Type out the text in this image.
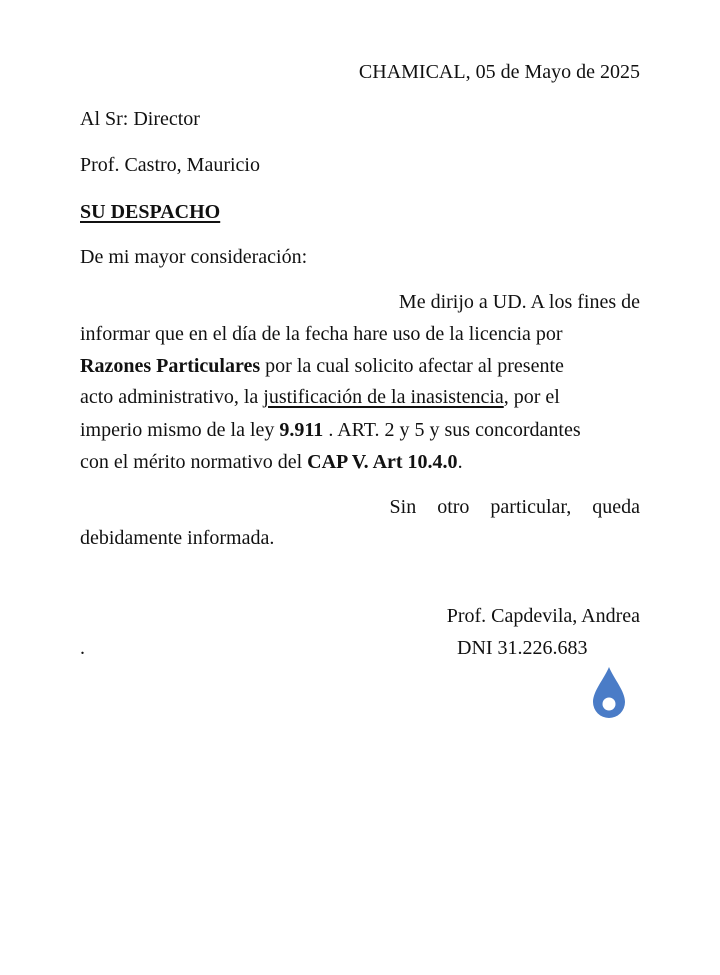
CHAMICAL, 05 de Mayo de 2025
Al Sr: Director
Prof. Castro, Mauricio
SU DESPACHO
De mi mayor consideración:
Me dirijo a UD. A los fines de
informar que en el día de la fecha hare uso de la licencia por
Razones Particulares por la cual solicito afectar al presente
acto administrativo, la justificación de la inasistencia, por el
imperio mismo de la ley 9.911 . ART. 2 y 5 y sus concordantes
con el mérito normativo del CAP V. Art 10.4.0.
Sin otro particular, queda
debidamente informada.
Prof. Capdevila, Andrea
.	DNI 31.226.683
